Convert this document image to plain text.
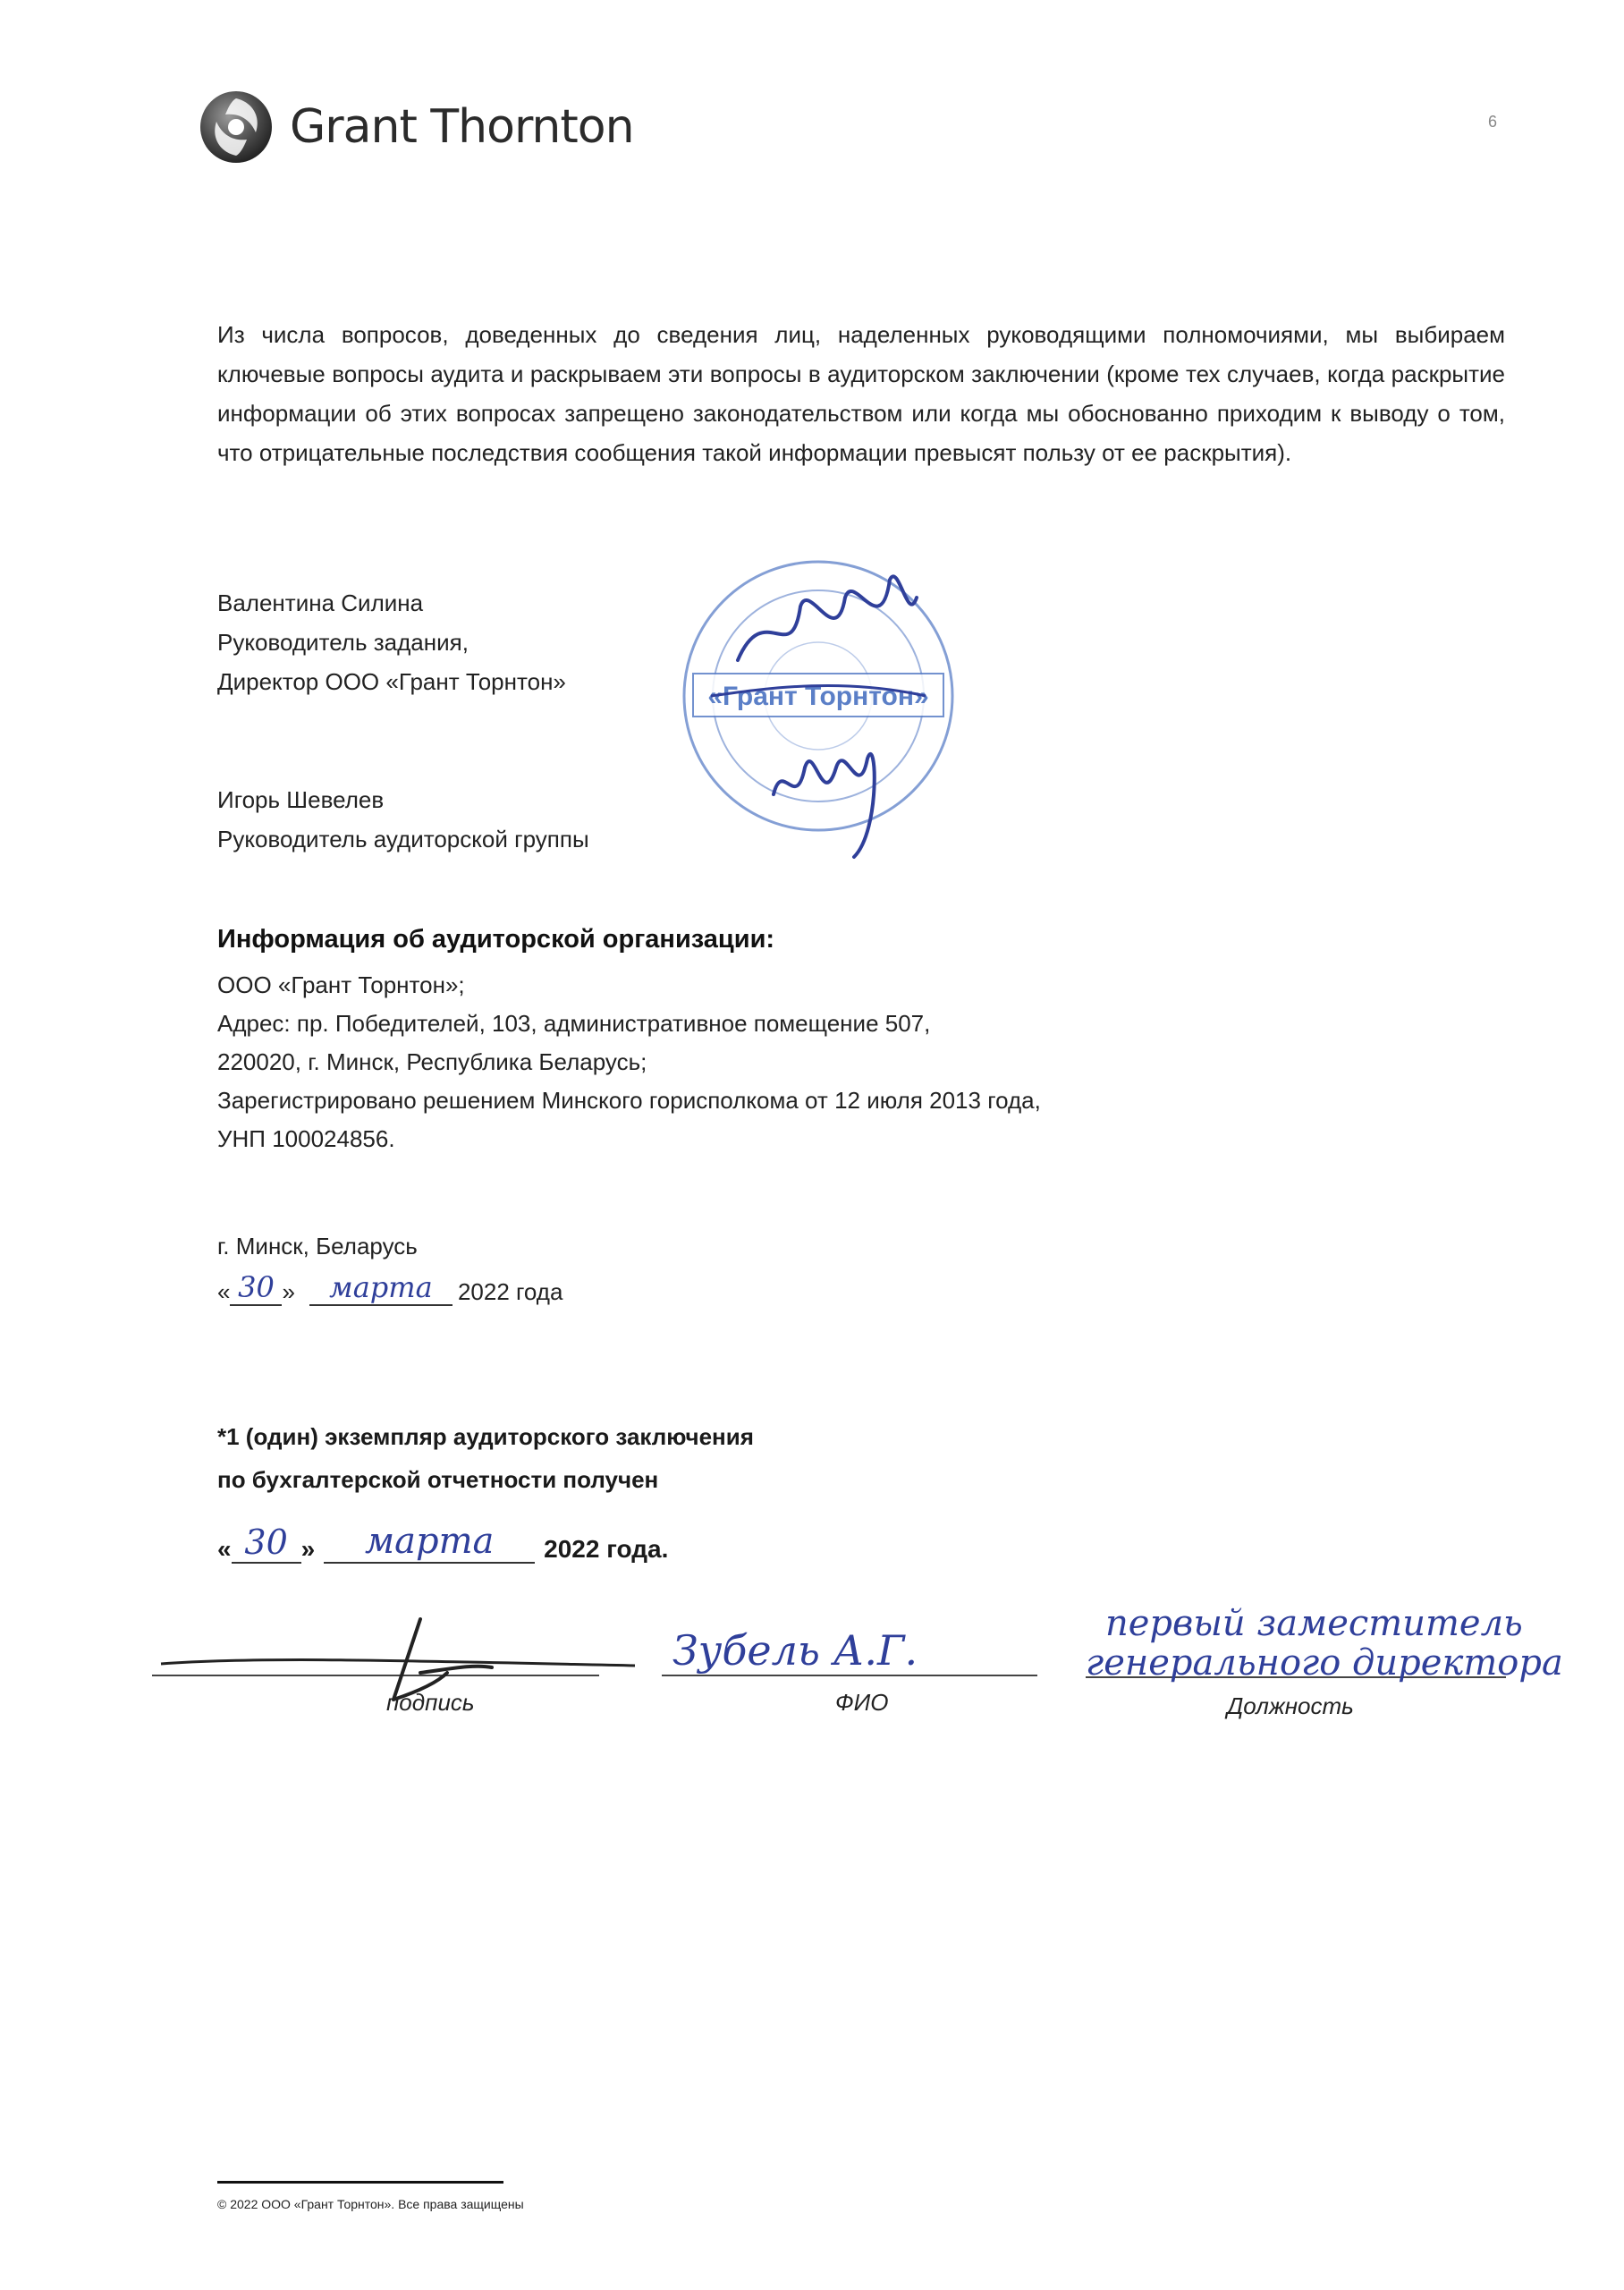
Grant Thornton	6
Из числа вопросов, доведенных до сведения лиц, наделенных руководящими полномочиями, мы выбираем ключевые вопросы аудита и раскрываем эти вопросы в аудиторском заключении (кроме тех случаев, когда раскрытие информации об этих вопросах запрещено законодательством или когда мы обоснованно приходим к выводу о том, что отрицательные последствия сообщения такой информации превысят пользу от ее раскрытия).
Валентина Силина
Руководитель задания,
Директор ООО «Грант Торнтон»
Игорь Шевелев
Руководитель аудиторской группы
«Грант Торнтон»
Информация об аудиторской организации:
ООО «Грант Торнтон»;
Адрес: пр. Победителей, 103, административное помещение 507,
220020, г. Минск, Республика Беларусь;
Зарегистрировано решением Минского горисполкома от 12 июля 2013 года,
УНП 100024856.
г. Минск, Беларусь
« 30 »	марта	2022 года
*1 (один) экземпляр аудиторского заключения
по бухгалтерской отчетности получен
« 30 »	марта	2022 года.
подпись
Зубель А.Г.
ФИО
первый заместитель
генерального директора
Должность
© 2022 ООО «Грант Торнтон». Все права защищены
